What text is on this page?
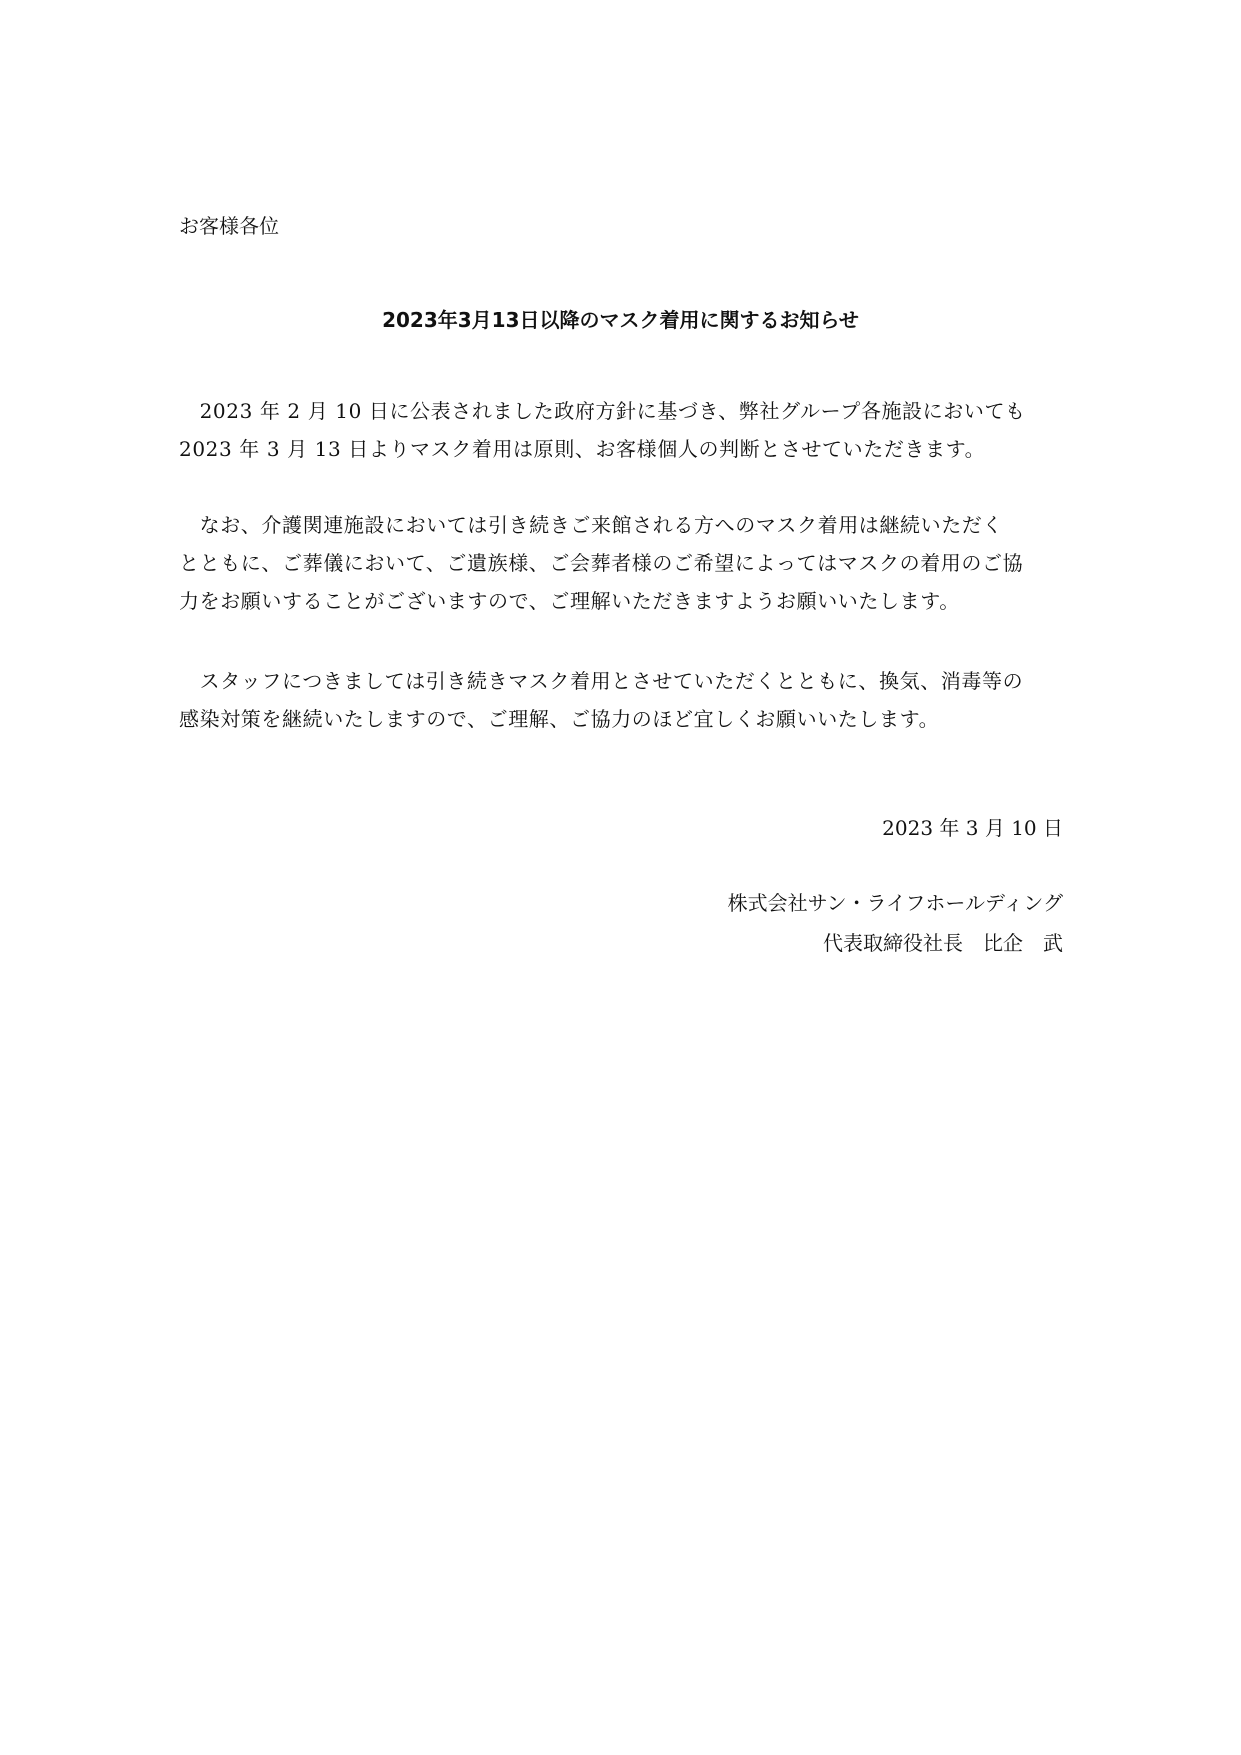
お客様各位

2023年3月13日以降のマスク着用に関するお知らせ

　2023 年 2 月 10 日に公表されました政府方針に基づき、弊社グループ各施設においても
2023 年 3 月 13 日よりマスク着用は原則、お客様個人の判断とさせていただきます。
　なお、介護関連施設においては引き続きご来館される方へのマスク着用は継続いただく
とともに、ご葬儀において、ご遺族様、ご会葬者様のご希望によってはマスクの着用のご協
力をお願いすることがございますので、ご理解いただきますようお願いいたします。
　スタッフにつきましては引き続きマスク着用とさせていただくとともに、換気、消毒等の
感染対策を継続いたしますので、ご理解、ご協力のほど宜しくお願いいたします。

2023 年 3 月 10 日

株式会社サン・ライフホールディング

代表取締役社長　比企　武
